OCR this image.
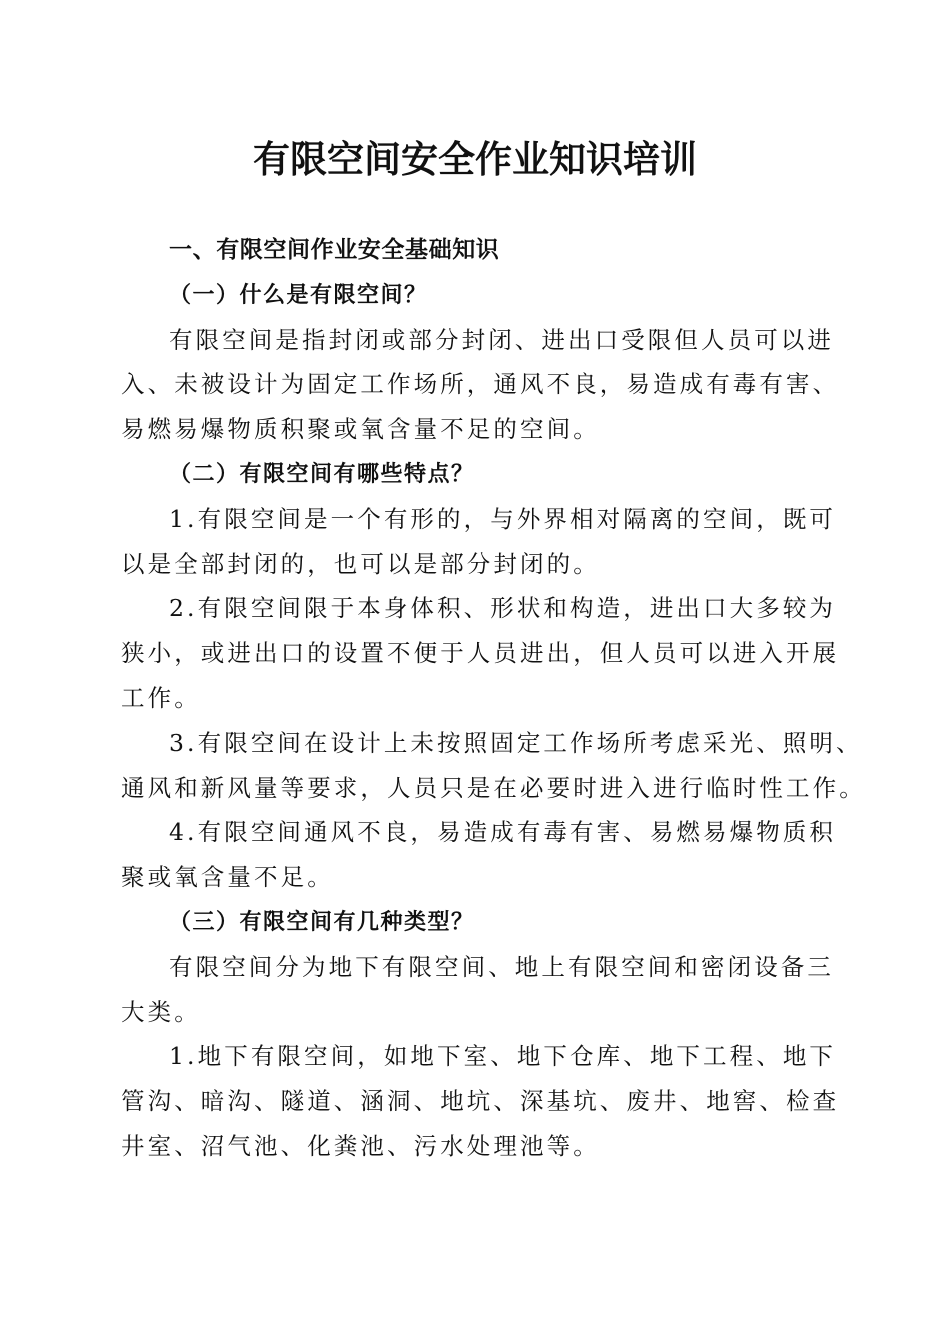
有限空间安全作业知识培训

一、有限空间作业安全基础知识

（一）什么是有限空间？

有限空间是指封闭或部分封闭、进出口受限但人员可以进

入、未被设计为固定工作场所，通风不良，易造成有毒有害、

易燃易爆物质积聚或氧含量不足的空间。

（二）有限空间有哪些特点？

1.有限空间是一个有形的，与外界相对隔离的空间，既可

以是全部封闭的，也可以是部分封闭的。

2.有限空间限于本身体积、形状和构造，进出口大多较为

狭小，或进出口的设置不便于人员进出，但人员可以进入开展

工作。

3.有限空间在设计上未按照固定工作场所考虑采光、照明、

通风和新风量等要求，人员只是在必要时进入进行临时性工作。

4.有限空间通风不良，易造成有毒有害、易燃易爆物质积

聚或氧含量不足。

（三）有限空间有几种类型？

有限空间分为地下有限空间、地上有限空间和密闭设备三

大类。

1.地下有限空间，如地下室、地下仓库、地下工程、地下

管沟、暗沟、隧道、涵洞、地坑、深基坑、废井、地窖、检查

井室、沼气池、化粪池、污水处理池等。
